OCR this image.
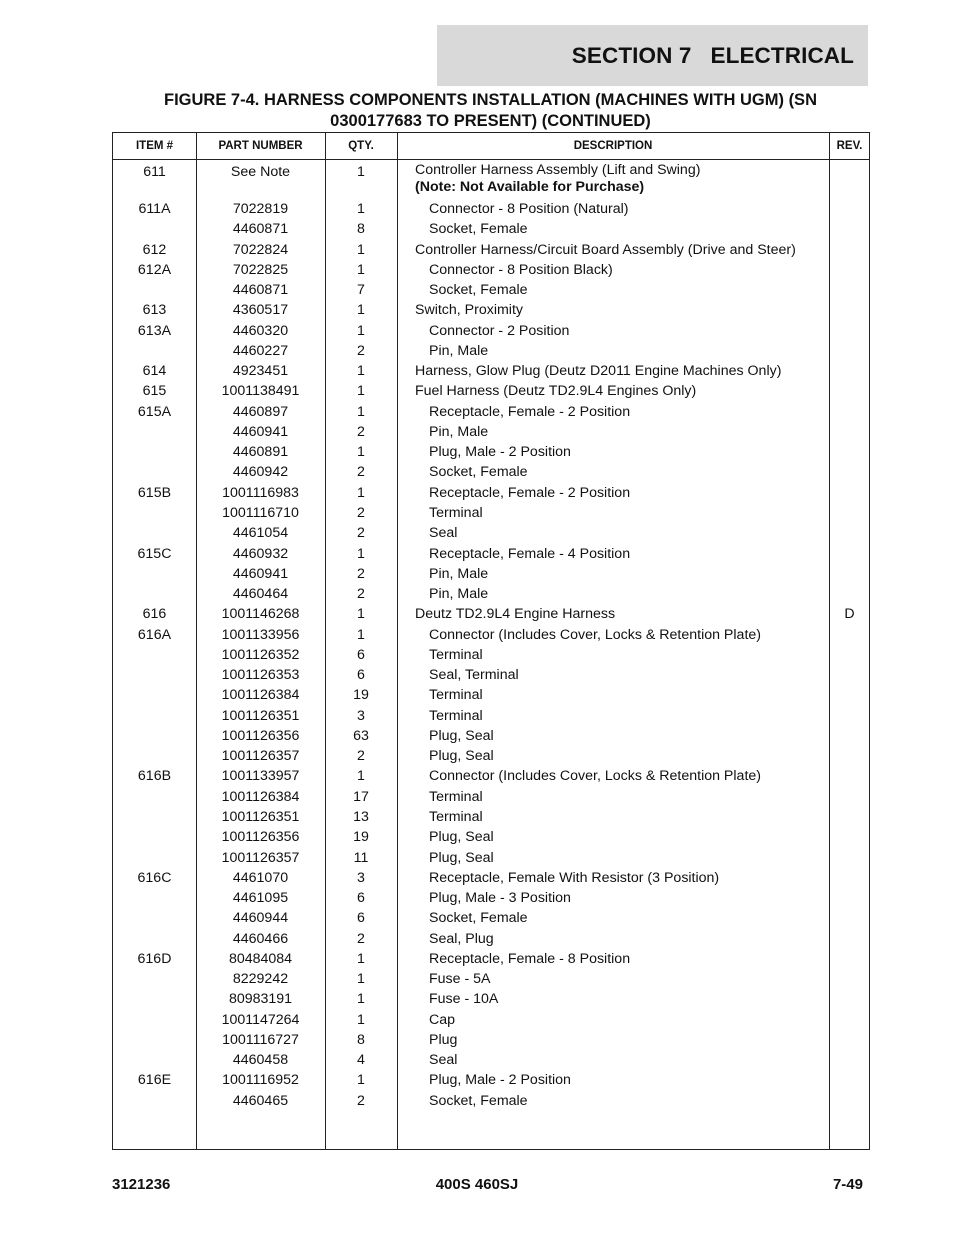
SECTION 7   ELECTRICAL
FIGURE 7-4. HARNESS COMPONENTS INSTALLATION (MACHINES WITH UGM) (SN
0300177683 TO PRESENT) (CONTINUED)
ITEM #	PART NUMBER	QTY.	DESCRIPTION	REV.
611	See Note	1	Controller Harness Assembly (Lift and Swing)
(Note: Not Available for Purchase)
611A	7022819	1	Connector - 8 Position (Natural)
4460871	8	Socket, Female
612	7022824	1	Controller Harness/Circuit Board Assembly (Drive and Steer)
612A	7022825	1	Connector - 8 Position Black)
4460871	7	Socket, Female
613	4360517	1	Switch, Proximity
613A	4460320	1	Connector - 2 Position
4460227	2	Pin, Male
614	4923451	1	Harness, Glow Plug (Deutz D2011 Engine Machines Only)
615	1001138491	1	Fuel Harness (Deutz TD2.9L4 Engines Only)
615A	4460897	1	Receptacle, Female - 2 Position
4460941	2	Pin, Male
4460891	1	Plug, Male - 2 Position
4460942	2	Socket, Female
615B	1001116983	1	Receptacle, Female - 2 Position
1001116710	2	Terminal
4461054	2	Seal
615C	4460932	1	Receptacle, Female - 4 Position
4460941	2	Pin, Male
4460464	2	Pin, Male
616	1001146268	1	Deutz TD2.9L4 Engine Harness	D
616A	1001133956	1	Connector (Includes Cover, Locks & Retention Plate)
1001126352	6	Terminal
1001126353	6	Seal, Terminal
1001126384	19	Terminal
1001126351	3	Terminal
1001126356	63	Plug, Seal
1001126357	2	Plug, Seal
616B	1001133957	1	Connector (Includes Cover, Locks & Retention Plate)
1001126384	17	Terminal
1001126351	13	Terminal
1001126356	19	Plug, Seal
1001126357	11	Plug, Seal
616C	4461070	3	Receptacle, Female With Resistor (3 Position)
4461095	6	Plug, Male - 3 Position
4460944	6	Socket, Female
4460466	2	Seal, Plug
616D	80484084	1	Receptacle, Female - 8 Position
8229242	1	Fuse - 5A
80983191	1	Fuse - 10A
1001147264	1	Cap
1001116727	8	Plug
4460458	4	Seal
616E	1001116952	1	Plug, Male - 2 Position
4460465	2	Socket, Female
3121236	400S 460SJ	7-49
